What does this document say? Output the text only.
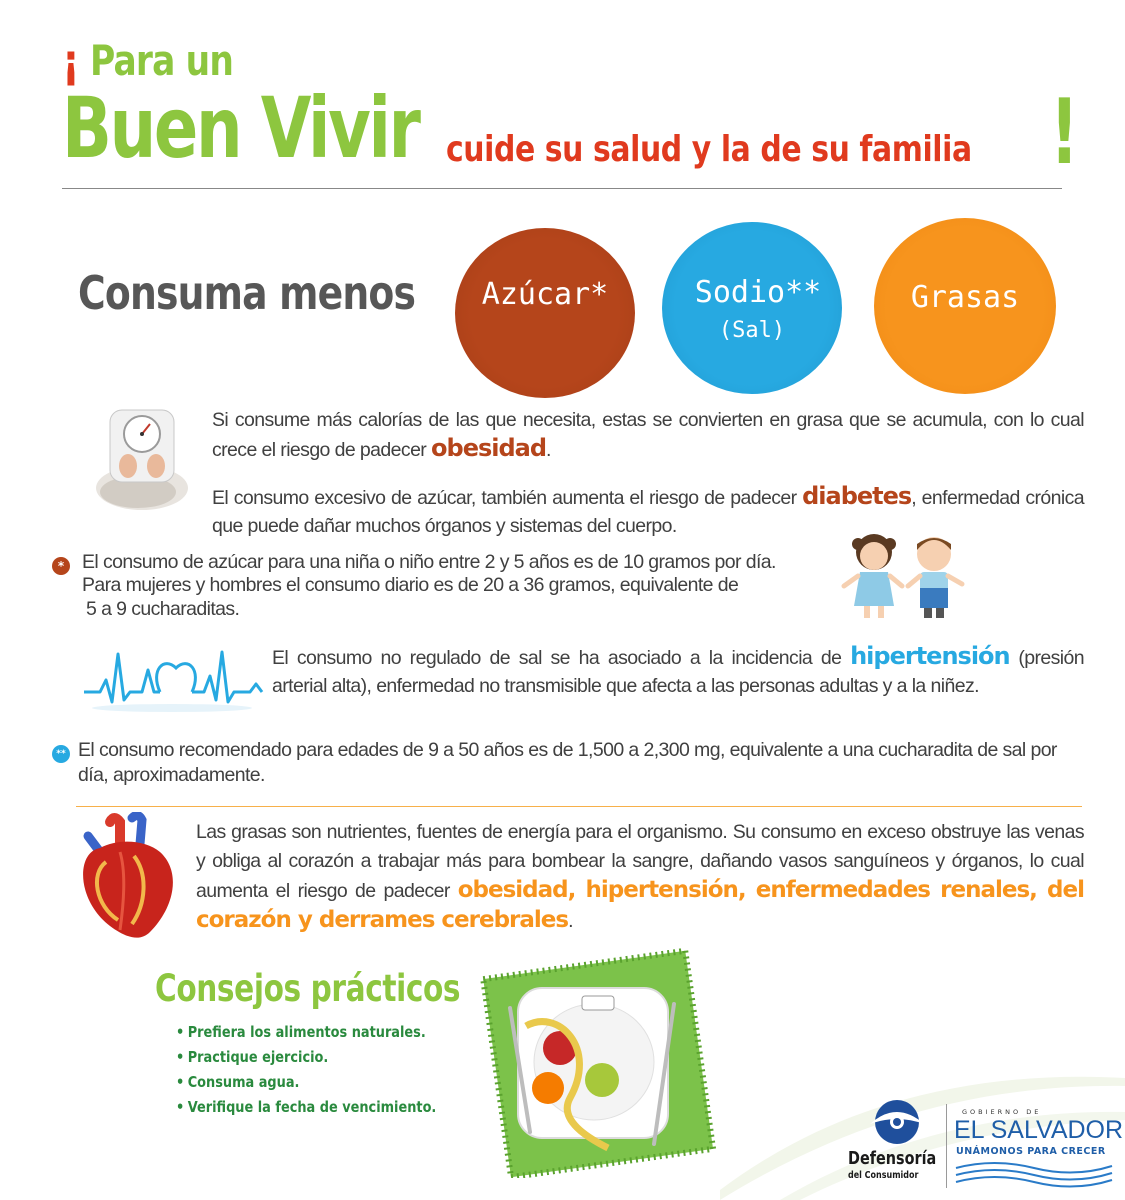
¡ Para un
Buen Vivir cuide su salud y la de su familia !
Consuma menos	Azúcar*	Sodio**
(Sal)
Grasas
Si consume más calorías de las que necesita, estas se convierten en grasa que se acumula, con lo cual crece el riesgo de padecer obesidad.
El consumo excesivo de azúcar, también aumenta el riesgo de padecer diabetes, enfermedad crónica que puede dañar muchos órganos y sistemas del cuerpo.
* El consumo de azúcar para una niña o niño entre 2 y 5 años es de 10 gramos por día.
Para mujeres y hombres el consumo diario es de 20 a 36 gramos, equivalente de
5 a 9 cucharaditas.
El consumo no regulado de sal se ha asociado a la incidencia de hipertensión (presión arterial alta), enfermedad no transmisible que afecta a las personas adultas y a la niñez.
** El consumo recomendado para edades de 9 a 50 años es de 1,500 a 2,300 mg, equivalente a una cucharadita de sal por día, aproximadamente.
Las grasas son nutrientes, fuentes de energía para el organismo. Su consumo en exceso obstruye las venas y obliga al corazón a trabajar más para bombear la sangre, dañando vasos sanguíneos y órganos, lo cual aumenta el riesgo de padecer obesidad, hipertensión, enfermedades renales, del corazón y derrames cerebrales.
Consejos prácticos
• Prefiera los alimentos naturales.
• Practique ejercicio.
• Consuma agua.
• Verifique la fecha de vencimiento.
Defensoría
del Consumidor
GOBIERNO DE
EL SALVADOR
UNÁMONOS PARA CRECER
